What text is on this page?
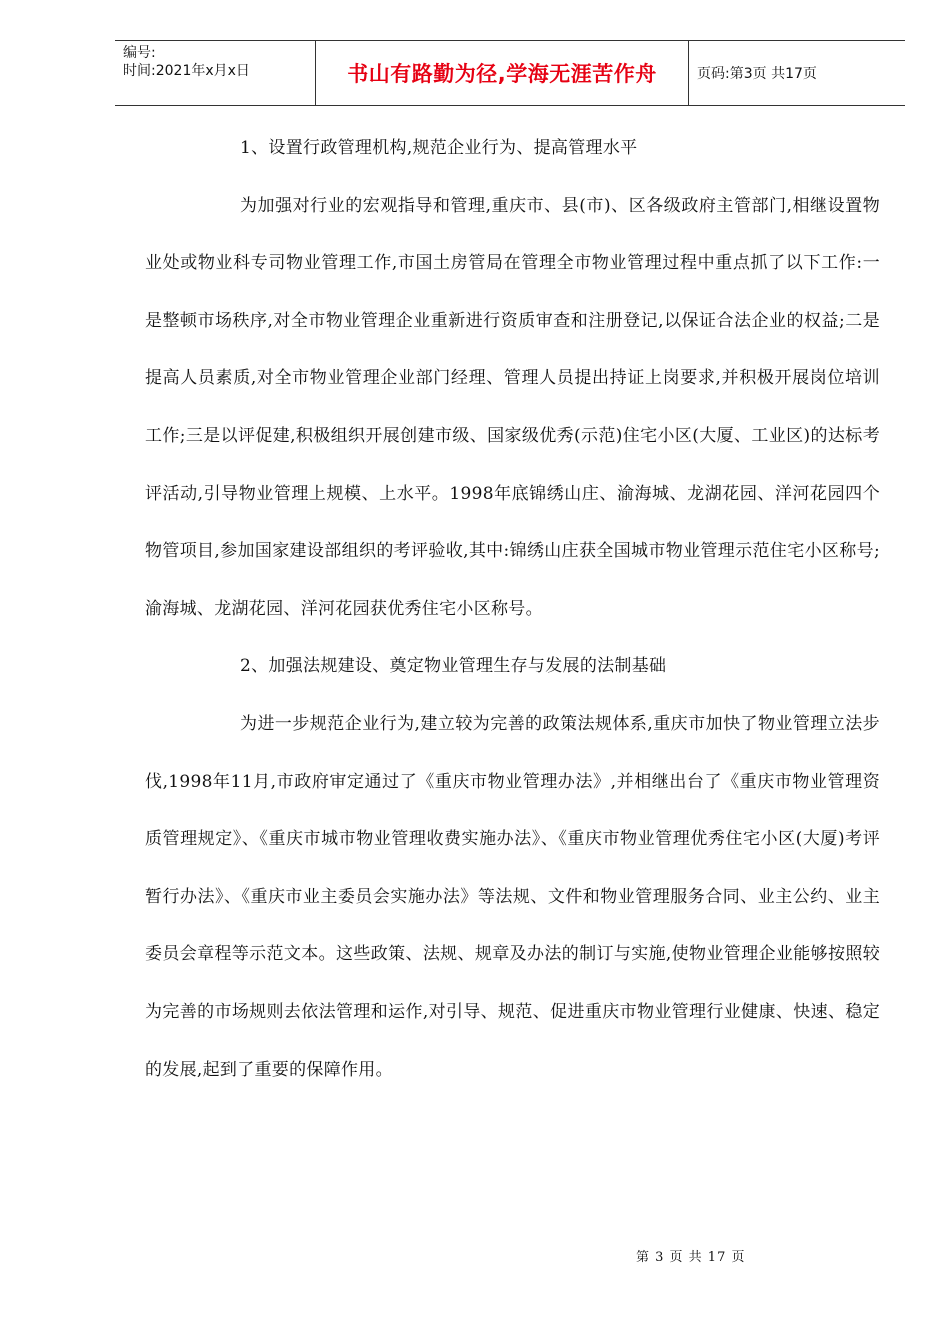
编号:
时间:2021年x月x日	书山有路勤为径,学海无涯苦作舟	页码:第3页 共17页

1、设置行政管理机构,规范企业行为、提高管理水平

为加强对行业的宏观指导和管理,重庆市、县(市)、区各级政府主管部门,相继设置物业处或物业科专司物业管理工作,市国土房管局在管理全市物业管理过程中重点抓了以下工作:一是整顿市场秩序,对全市物业管理企业重新进行资质审查和注册登记,以保证合法企业的权益;二是提高人员素质,对全市物业管理企业部门经理、管理人员提出持证上岗要求,并积极开展岗位培训工作;三是以评促建,积极组织开展创建市级、国家级优秀(示范)住宅小区(大厦、工业区)的达标考评活动,引导物业管理上规模、上水平。1998年底锦绣山庄、渝海城、龙湖花园、洋河花园四个物管项目,参加国家建设部组织的考评验收,其中:锦绣山庄获全国城市物业管理示范住宅小区称号;渝海城、龙湖花园、洋河花园获优秀住宅小区称号。

2、加强法规建设、奠定物业管理生存与发展的法制基础

为进一步规范企业行为,建立较为完善的政策法规体系,重庆市加快了物业管理立法步伐,1998年11月,市政府审定通过了《重庆市物业管理办法》,并相继出台了《重庆市物业管理资质管理规定》、《重庆市城市物业管理收费实施办法》、《重庆市物业管理优秀住宅小区(大厦)考评暂行办法》、《重庆市业主委员会实施办法》等法规、文件和物业管理服务合同、业主公约、业主委员会章程等示范文本。这些政策、法规、规章及办法的制订与实施,使物业管理企业能够按照较为完善的市场规则去依法管理和运作,对引导、规范、促进重庆市物业管理行业健康、快速、稳定的发展,起到了重要的保障作用。

第 3 页 共 17 页
